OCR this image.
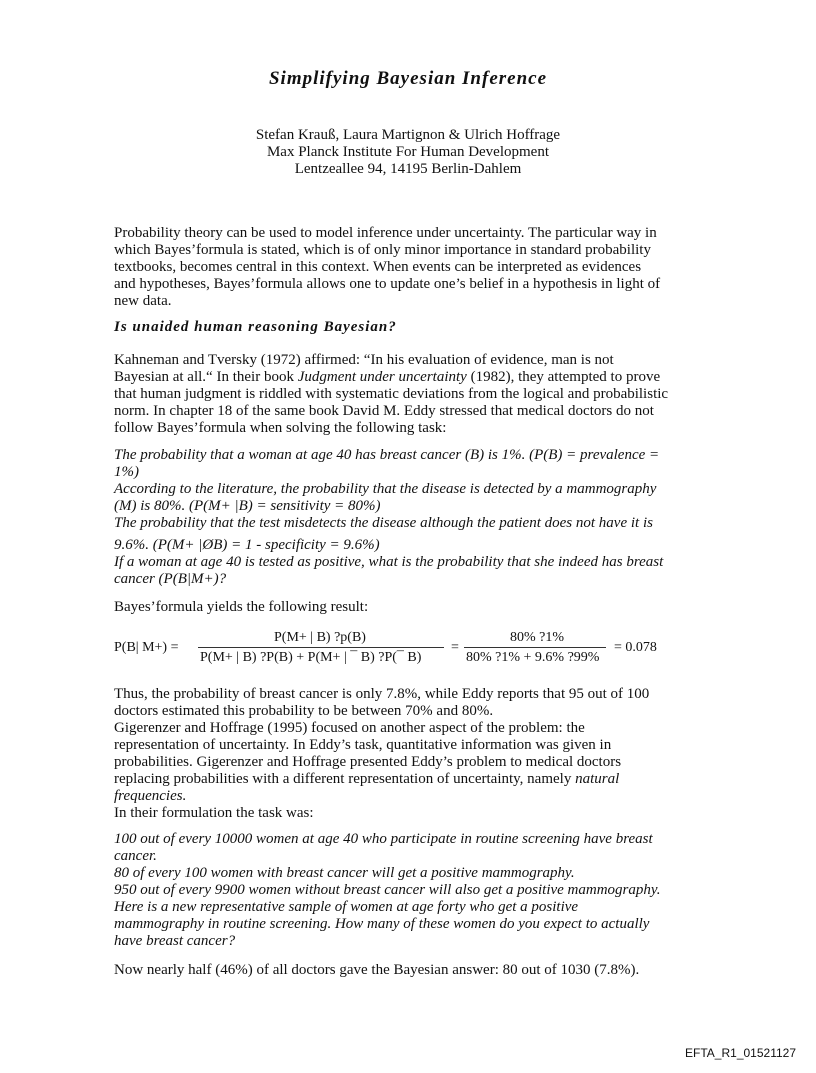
Simplifying Bayesian Inference
Stefan Krauß, Laura Martignon & Ulrich Hoffrage
Max Planck Institute For Human Development
Lentzeallee 94, 14195 Berlin-Dahlem
Probability theory can be used to model inference under uncertainty. The particular way in
which Bayes’formula is stated, which is of only minor importance in standard probability
textbooks, becomes central in this context. When events can be interpreted as evidences
and hypotheses, Bayes’formula allows one to update one’s belief in a hypothesis in light of
new data.
Is unaided human reasoning Bayesian?
Kahneman and Tversky (1972) affirmed: “In his evaluation of evidence, man is not
Bayesian at all.“ In their book Judgment under uncertainty (1982), they attempted to prove
that human judgment is riddled with systematic deviations from the logical and probabilistic
norm. In chapter 18 of the same book David M. Eddy stressed that medical doctors do not
follow Bayes’formula when solving the following task:
The probability that a woman at age 40 has breast cancer (B) is 1%. (P(B) = prevalence =
1%)
According to the literature, the probability that the disease is detected by a mammography
(M) is 80%. (P(M+ |B) = sensitivity = 80%)
The probability that the test misdetects the disease although the patient does not have it is
9.6%. (P(M+ |ØB) = 1 - specificity = 9.6%)
If a woman at age 40 is tested as positive, what is the probability that she indeed has breast
cancer (P(B|M+)?
Bayes’formula yields the following result:
P(B| M+) =
P(M+ | B) ?p(B)
P(M+ | B) ?P(B) + P(M+ | ¯ B) ?P(¯ B)
=
80% ?1%
80% ?1% + 9.6% ?99%
= 0.078
Thus, the probability of breast cancer is only 7.8%, while Eddy reports that 95 out of 100
doctors estimated this probability to be between 70% and 80%.
Gigerenzer and Hoffrage (1995) focused on another aspect of the problem: the
representation of uncertainty. In Eddy’s task, quantitative information was given in
probabilities. Gigerenzer and Hoffrage presented Eddy’s problem to medical doctors
replacing probabilities with a different representation of uncertainty, namely natural
frequencies.
In their formulation the task was:
100 out of every 10000 women at age 40 who participate in routine screening have breast
cancer.
80 of every 100 women with breast cancer will get a positive mammography.
950 out of every 9900 women without breast cancer will also get a positive mammography.
Here is a new representative sample of women at age forty who get a positive
mammography in routine screening. How many of these women do you expect to actually
have breast cancer?
Now nearly half (46%) of all doctors gave the Bayesian answer: 80 out of 1030 (7.8%).
EFTA_R1_01521127
